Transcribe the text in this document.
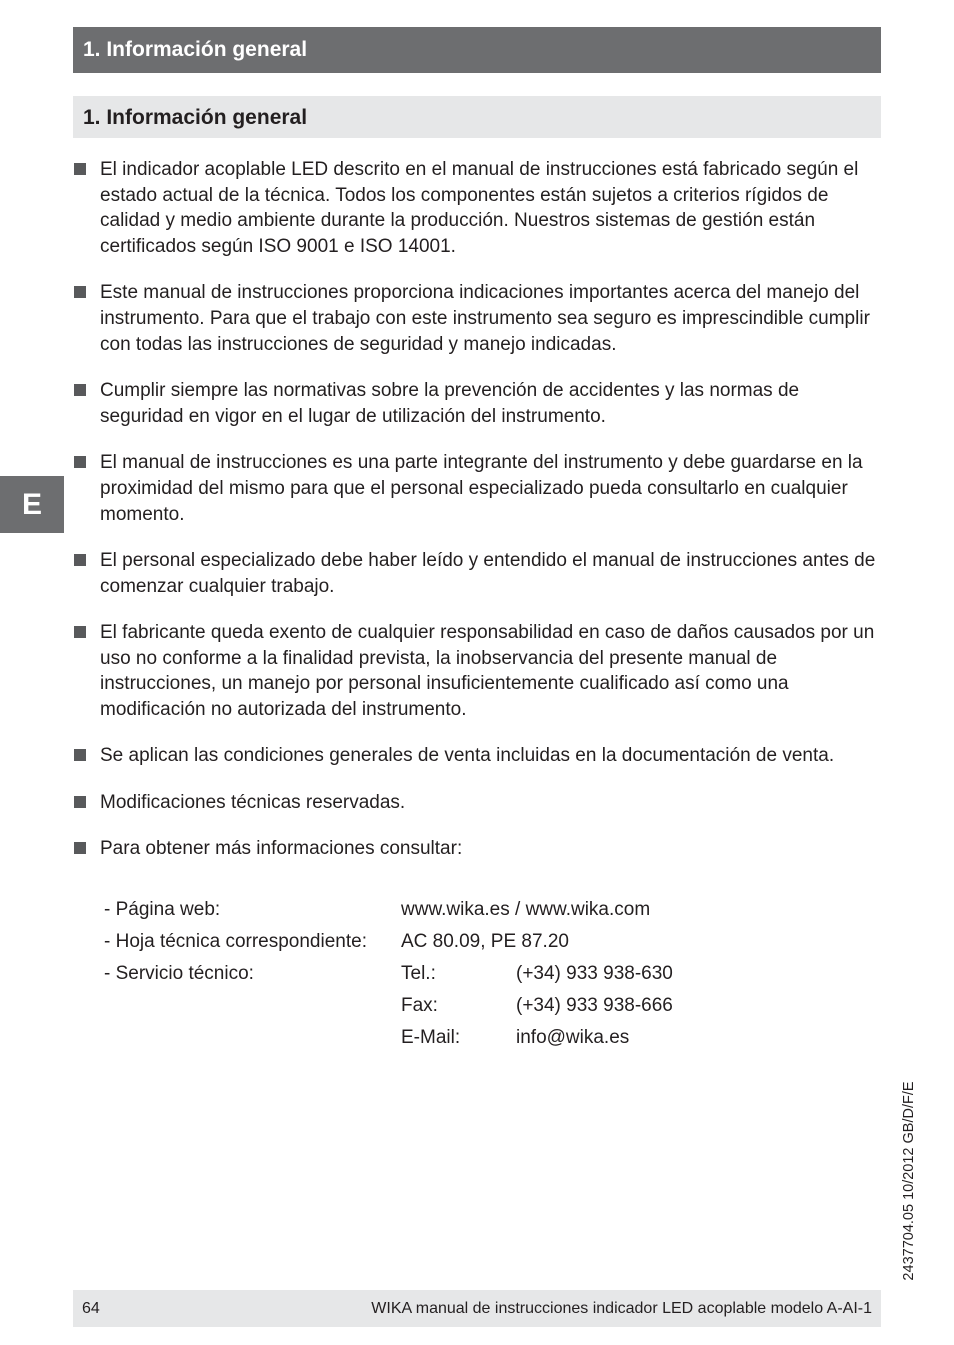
1. Información general
1. Información general
E
El indicador acoplable LED descrito en el manual de instrucciones está fabricado según el estado actual de la técnica. Todos los componentes están sujetos a criterios rígidos de calidad y medio ambiente durante la producción. Nuestros sistemas de gestión están certificados según ISO 9001 e ISO 14001.
Este manual de instrucciones proporciona indicaciones importantes acerca del manejo del instrumento. Para que el trabajo con este instrumento sea seguro es imprescindible cumplir con todas las instrucciones de seguridad y manejo indicadas.
Cumplir siempre las normativas sobre la prevención de accidentes y las normas de seguridad en vigor en el lugar de utilización del instrumento.
El manual de instrucciones es una parte integrante del instrumento y debe guardarse en la proximidad del mismo para que el personal especializado pueda consultarlo en cualquier momento.
El personal especializado debe haber leído y entendido el manual de instrucciones antes de comenzar cualquier trabajo.
El fabricante queda exento de cualquier responsabilidad en caso de daños causados por un uso no conforme a la finalidad prevista, la inobservancia del presente manual de instrucciones, un manejo por personal insuficientemente cualificado así como una modificación no autorizada del instrumento.
Se aplican las condiciones generales de venta incluidas en la documentación de venta.
Modificaciones técnicas reservadas.
Para obtener más informaciones consultar:
- Página web:	www.wika.es / www.wika.com
- Hoja técnica correspondiente: AC 80.09, PE 87.20
- Servicio técnico:	Tel.:	(+34) 933 938-630
Fax:	(+34) 933 938-666
E-Mail:	info@wika.es
2437704.05 10/2012 GB/D/F/E
64	WIKA manual de instrucciones indicador LED acoplable modelo A-AI-1
